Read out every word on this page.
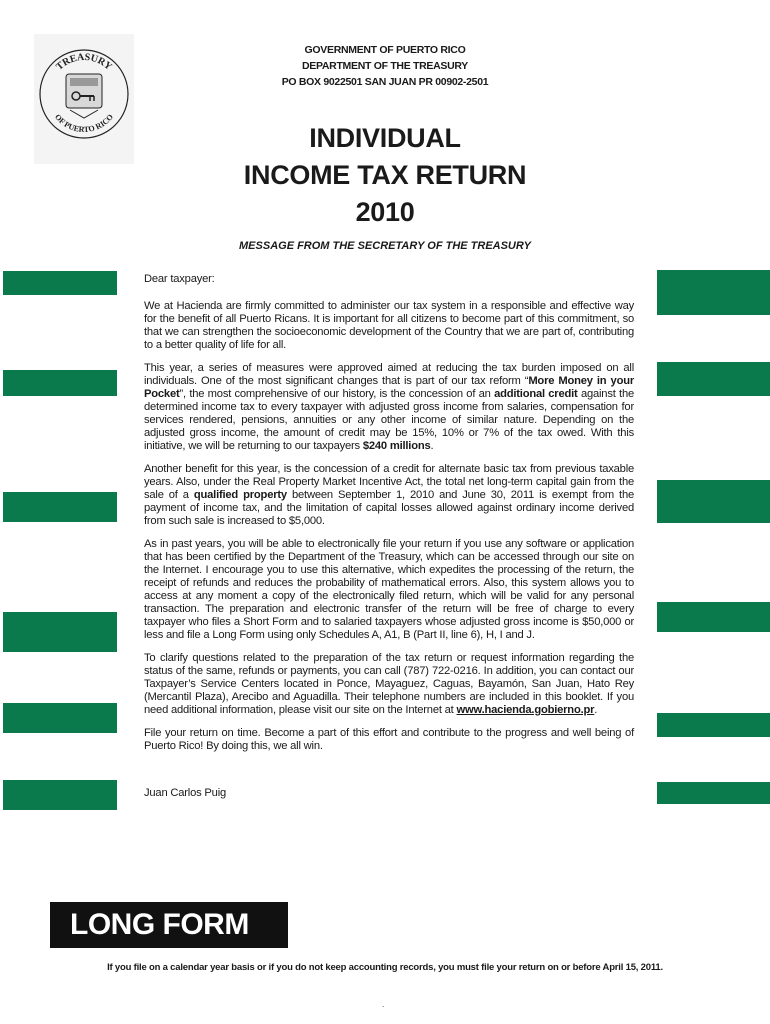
TREASURY
OF PUERTO RICO
GOVERNMENT OF PUERTO RICO
DEPARTMENT OF THE TREASURY
PO BOX 9022501 SAN JUAN PR 00902-2501
INDIVIDUAL
INCOME TAX RETURN
2010
MESSAGE FROM THE SECRETARY OF THE TREASURY

Dear taxpayer:

We at Hacienda are firmly committed to administer our tax system in a responsible and effective way for the benefit of all Puerto Ricans. It is important for all citizens to become part of this commitment, so that we can strengthen the socioeconomic development of the Country that we are part of, contributing to a better quality of life for all.

This year, a series of measures were approved aimed at reducing the tax burden imposed on all individuals. One of the most significant changes that is part of our tax reform “More Money in your Pocket”, the most comprehensive of our history, is the concession of an additional credit against the determined income tax to every taxpayer with adjusted gross income from salaries, compensation for services rendered, pensions, annuities or any other income of similar nature. Depending on the adjusted gross income, the amount of credit may be 15%, 10% or 7% of the tax owed. With this initiative, we will be returning to our taxpayers $240 millions.

Another benefit for this year, is the concession of a credit for alternate basic tax from previous taxable years. Also, under the Real Property Market Incentive Act, the total net long-term capital gain from the sale of a qualified property between September 1, 2010 and June 30, 2011 is exempt from the payment of income tax, and the limitation of capital losses allowed against ordinary income derived from such sale is increased to $5,000.

As in past years, you will be able to electronically file your return if you use any software or application that has been certified by the Department of the Treasury, which can be accessed through our site on the Internet. I encourage you to use this alternative, which expedites the processing of the return, the receipt of refunds and reduces the probability of mathematical errors. Also, this system allows you to access at any moment a copy of the electronically filed return, which will be valid for any personal transaction. The preparation and electronic transfer of the return will be free of charge to every taxpayer who files a Short Form and to salaried taxpayers whose adjusted gross income is $50,000 or less and file a Long Form using only Schedules A, A1, B (Part II, line 6), H, I and J.

To clarify questions related to the preparation of the tax return or request information regarding the status of the same, refunds or payments, you can call (787) 722-0216. In addition, you can contact our Taxpayer’s Service Centers located in Ponce, Mayaguez, Caguas, Bayamón, San Juan, Hato Rey (Mercantil Plaza), Arecibo and Aguadilla. Their telephone numbers are included in this booklet. If you need additional information, please visit our site on the Internet at www.hacienda.gobierno.pr.

File your return on time. Become a part of this effort and contribute to the progress and well being of Puerto Rico! By doing this, we all win.

Juan Carlos Puig

LONG FORM
If you file on a calendar year basis or if you do not keep accounting records, you must file your return on or before April 15, 2011.
.
